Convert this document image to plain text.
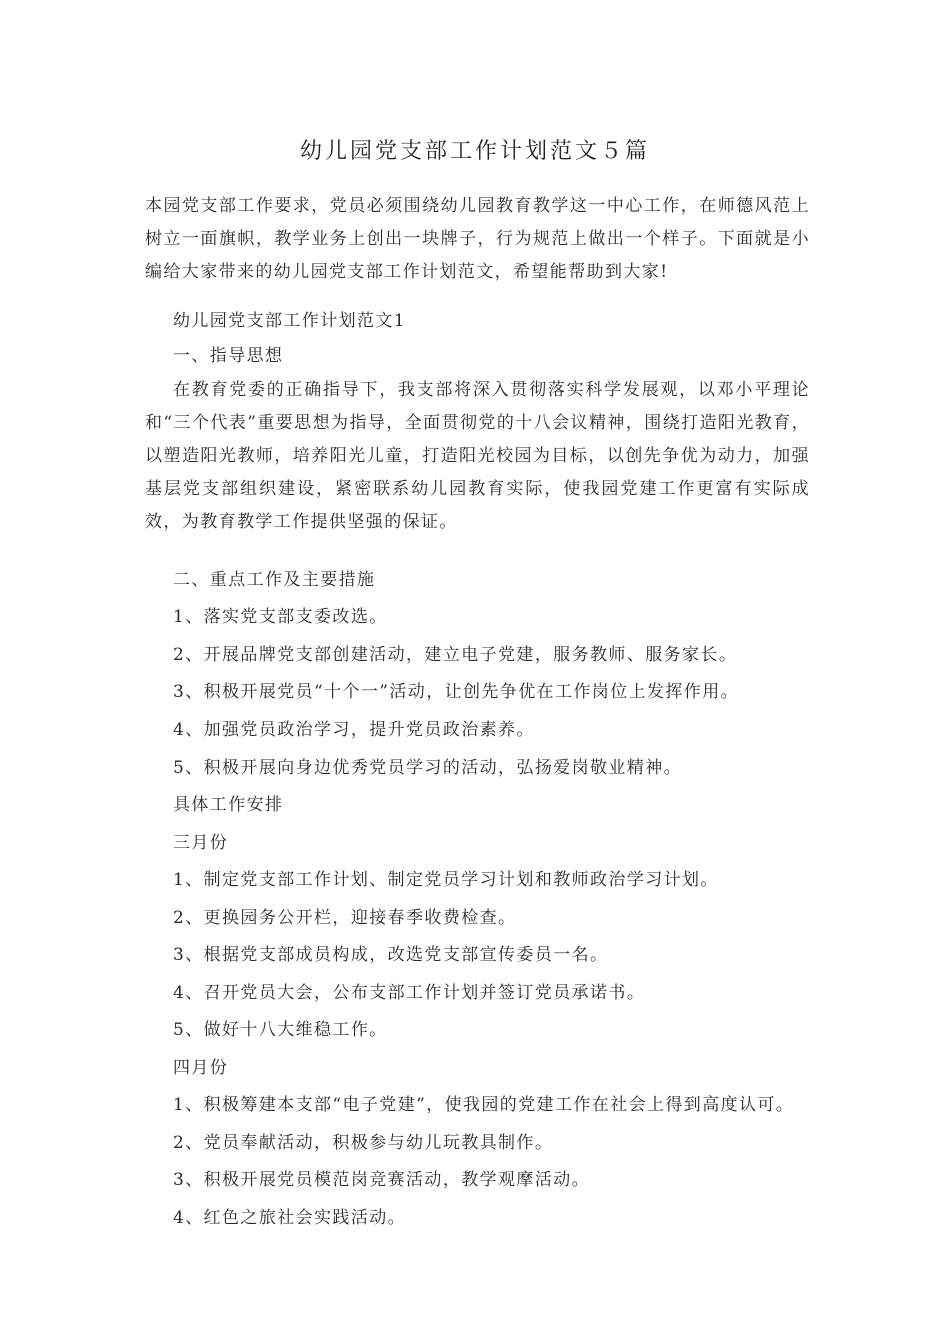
幼儿园党支部工作计划范文５篇

本园党支部工作要求，党员必须围绕幼儿园教育教学这一中心工作，在师德风范上树立一面旗帜，教学业务上创出一块牌子，行为规范上做出一个样子。下面就是小编给大家带来的幼儿园党支部工作计划范文，希望能帮助到大家!

幼儿园党支部工作计划范文1

一、指导思想

在教育党委的正确指导下，我支部将深入贯彻落实科学发展观，以邓小平理论和“三个代表”重要思想为指导，全面贯彻党的十八会议精神，围绕打造阳光教育，以塑造阳光教师，培养阳光儿童，打造阳光校园为目标，以创先争优为动力，加强基层党支部组织建设，紧密联系幼儿园教育实际，使我园党建工作更富有实际成效，为教育教学工作提供坚强的保证。

二、重点工作及主要措施

1、落实党支部支委改选。

2、开展品牌党支部创建活动，建立电子党建，服务教师、服务家长。

3、积极开展党员“十个一”活动，让创先争优在工作岗位上发挥作用。

4、加强党员政治学习，提升党员政治素养。

5、积极开展向身边优秀党员学习的活动，弘扬爱岗敬业精神。

具体工作安排

三月份

1、制定党支部工作计划、制定党员学习计划和教师政治学习计划。

2、更换园务公开栏，迎接春季收费检查。

3、根据党支部成员构成，改选党支部宣传委员一名。

4、召开党员大会，公布支部工作计划并签订党员承诺书。

5、做好十八大维稳工作。

四月份

1、积极筹建本支部“电子党建”，使我园的党建工作在社会上得到高度认可。

2、党员奉献活动，积极参与幼儿玩教具制作。

3、积极开展党员模范岗竞赛活动，教学观摩活动。

4、红色之旅社会实践活动。
